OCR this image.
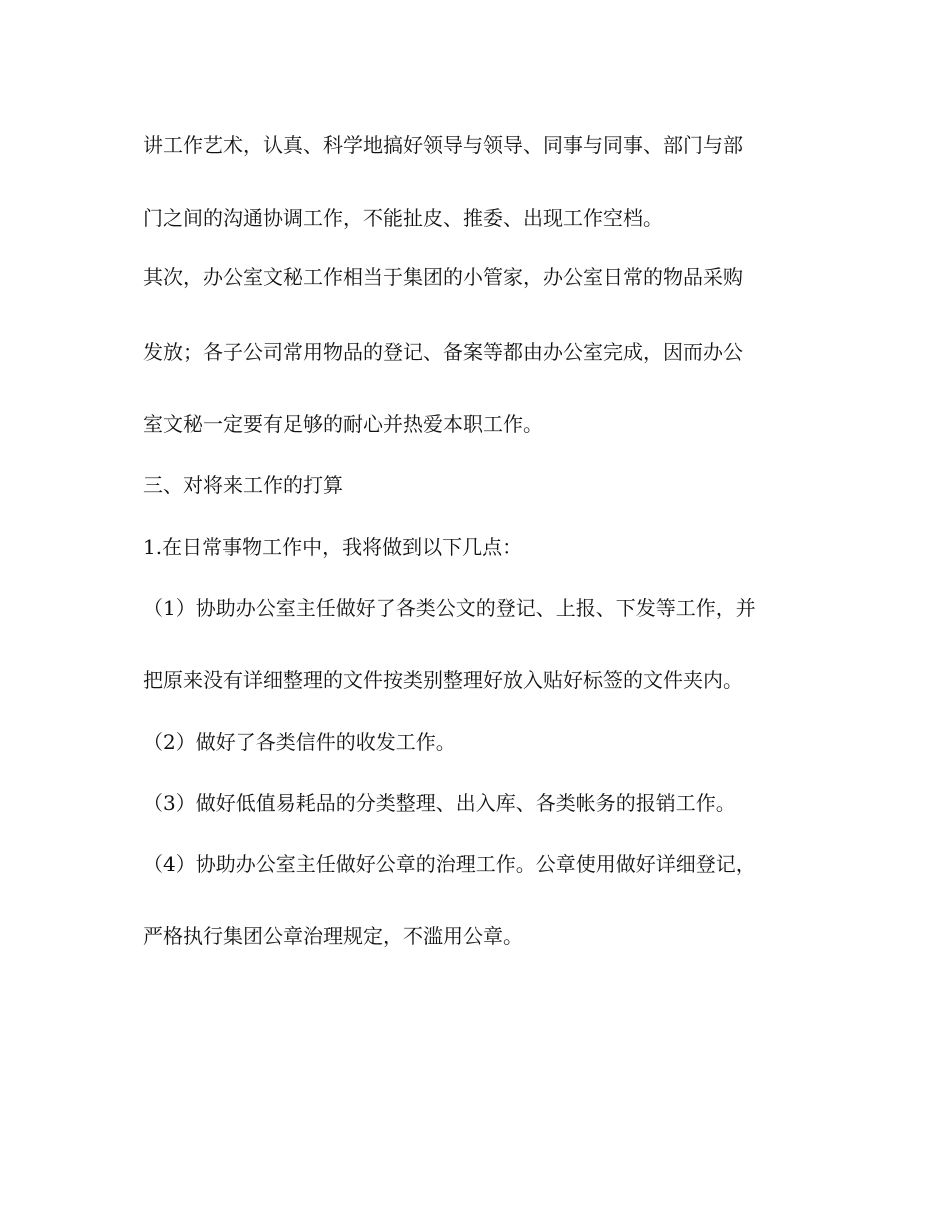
讲工作艺术，认真、科学地搞好领导与领导、同事与同事、部门与部

门之间的沟通协调工作，不能扯皮、推委、出现工作空档。

其次，办公室文秘工作相当于集团的小管家，办公室日常的物品采购

发放；各子公司常用物品的登记、备案等都由办公室完成，因而办公

室文秘一定要有足够的耐心并热爱本职工作。

三、对将来工作的打算

1.在日常事物工作中，我将做到以下几点：

（1）协助办公室主任做好了各类公文的登记、上报、下发等工作，并

把原来没有详细整理的文件按类别整理好放入贴好标签的文件夹内。

（2）做好了各类信件的收发工作。

（3）做好低值易耗品的分类整理、出入库、各类帐务的报销工作。

（4）协助办公室主任做好公章的治理工作。公章使用做好详细登记，

严格执行集团公章治理规定，不滥用公章。
